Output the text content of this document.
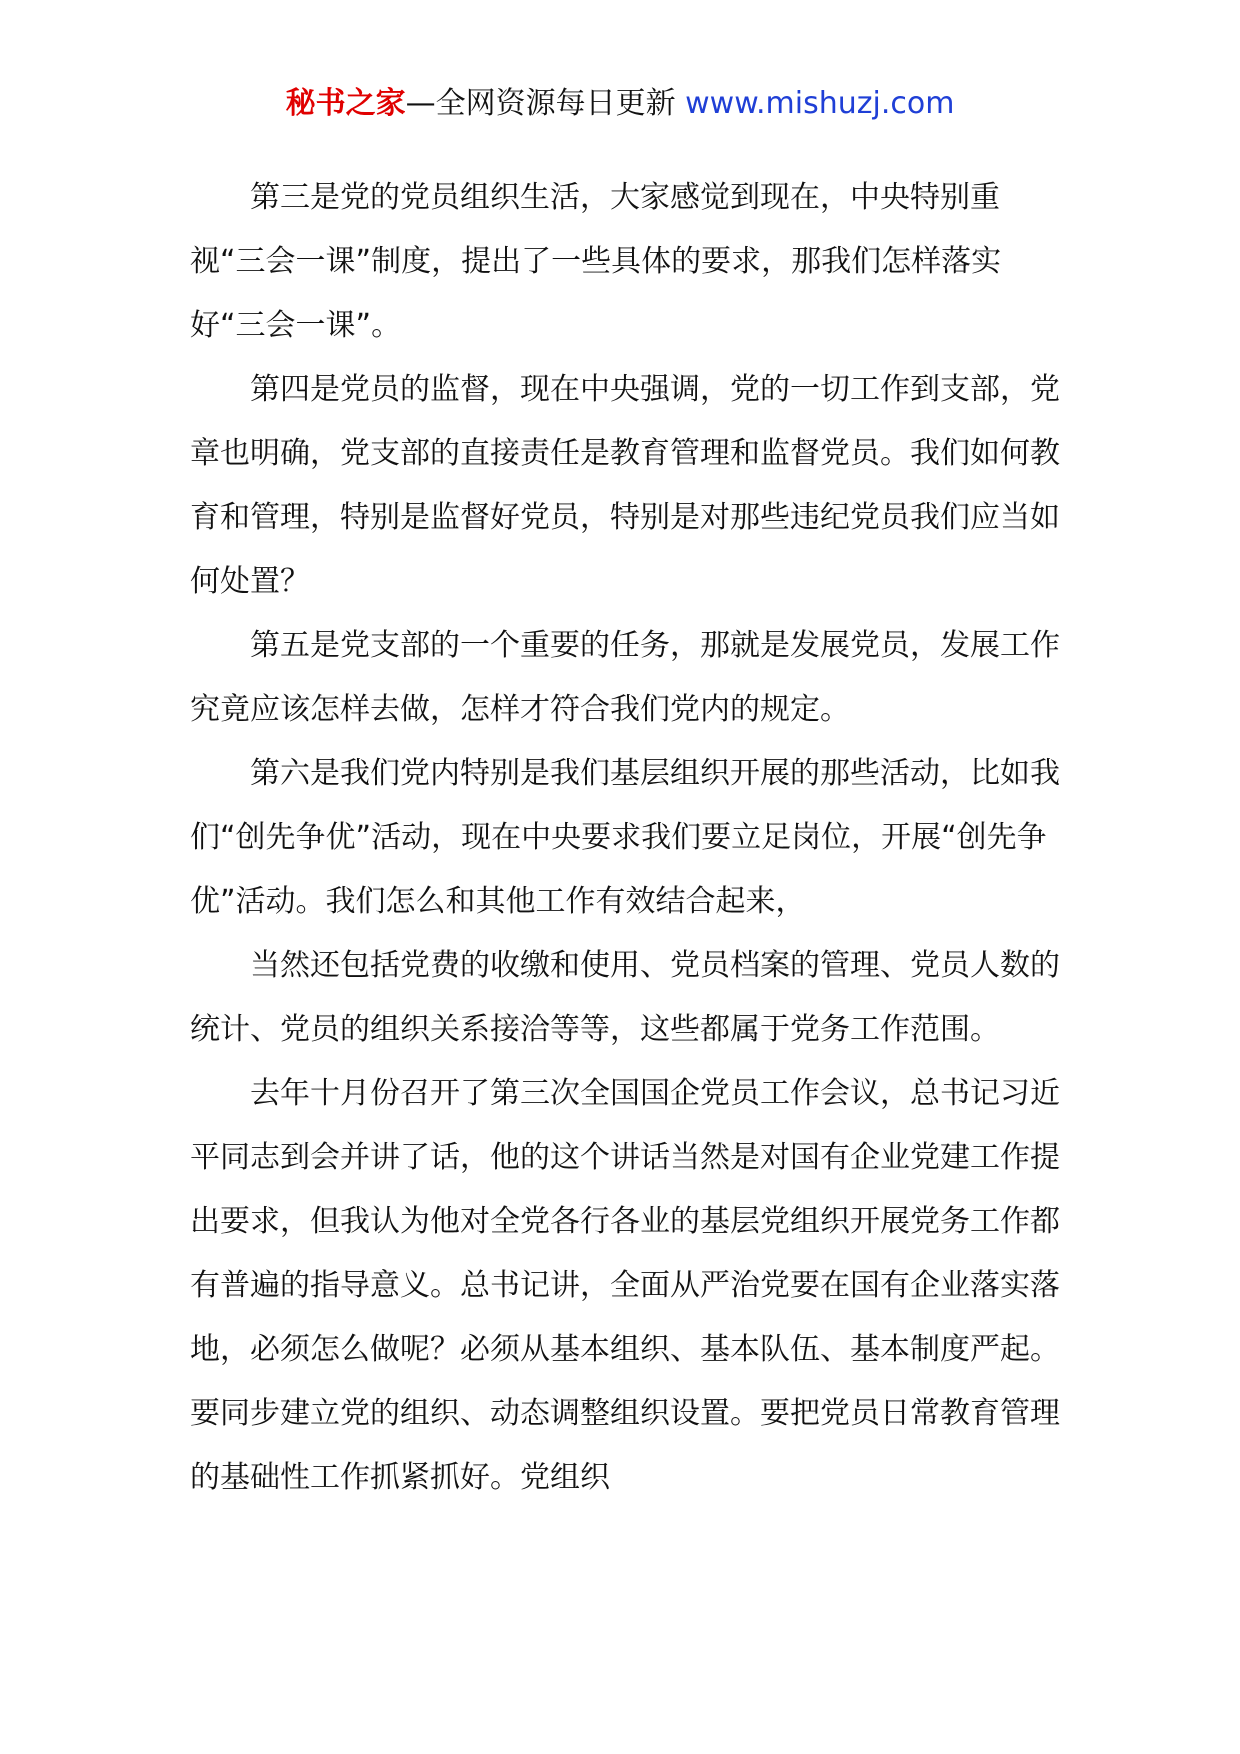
秘书之家—全网资源每日更新 www.mishuzj.com

第三是党的党员组织生活，大家感觉到现在，中央特别重视“三会一课”制度，提出了一些具体的要求，那我们怎样落实好“三会一课”。

第四是党员的监督，现在中央强调，党的一切工作到支部，党章也明确，党支部的直接责任是教育管理和监督党员。我们如何教育和管理，特别是监督好党员，特别是对那些违纪党员我们应当如何处置？

第五是党支部的一个重要的任务，那就是发展党员，发展工作究竟应该怎样去做，怎样才符合我们党内的规定。

第六是我们党内特别是我们基层组织开展的那些活动，比如我们“创先争优”活动，现在中央要求我们要立足岗位，开展“创先争优”活动。我们怎么和其他工作有效结合起来，

当然还包括党费的收缴和使用、党员档案的管理、党员人数的统计、党员的组织关系接洽等等，这些都属于党务工作范围。

去年十月份召开了第三次全国国企党员工作会议，总书记习近平同志到会并讲了话，他的这个讲话当然是对国有企业党建工作提出要求，但我认为他对全党各行各业的基层党组织开展党务工作都有普遍的指导意义。总书记讲，全面从严治党要在国有企业落实落地，必须怎么做呢？必须从基本组织、基本队伍、基本制度严起。要同步建立党的组织、动态调整组织设置。要把党员日常教育管理的基础性工作抓紧抓好。党组织
